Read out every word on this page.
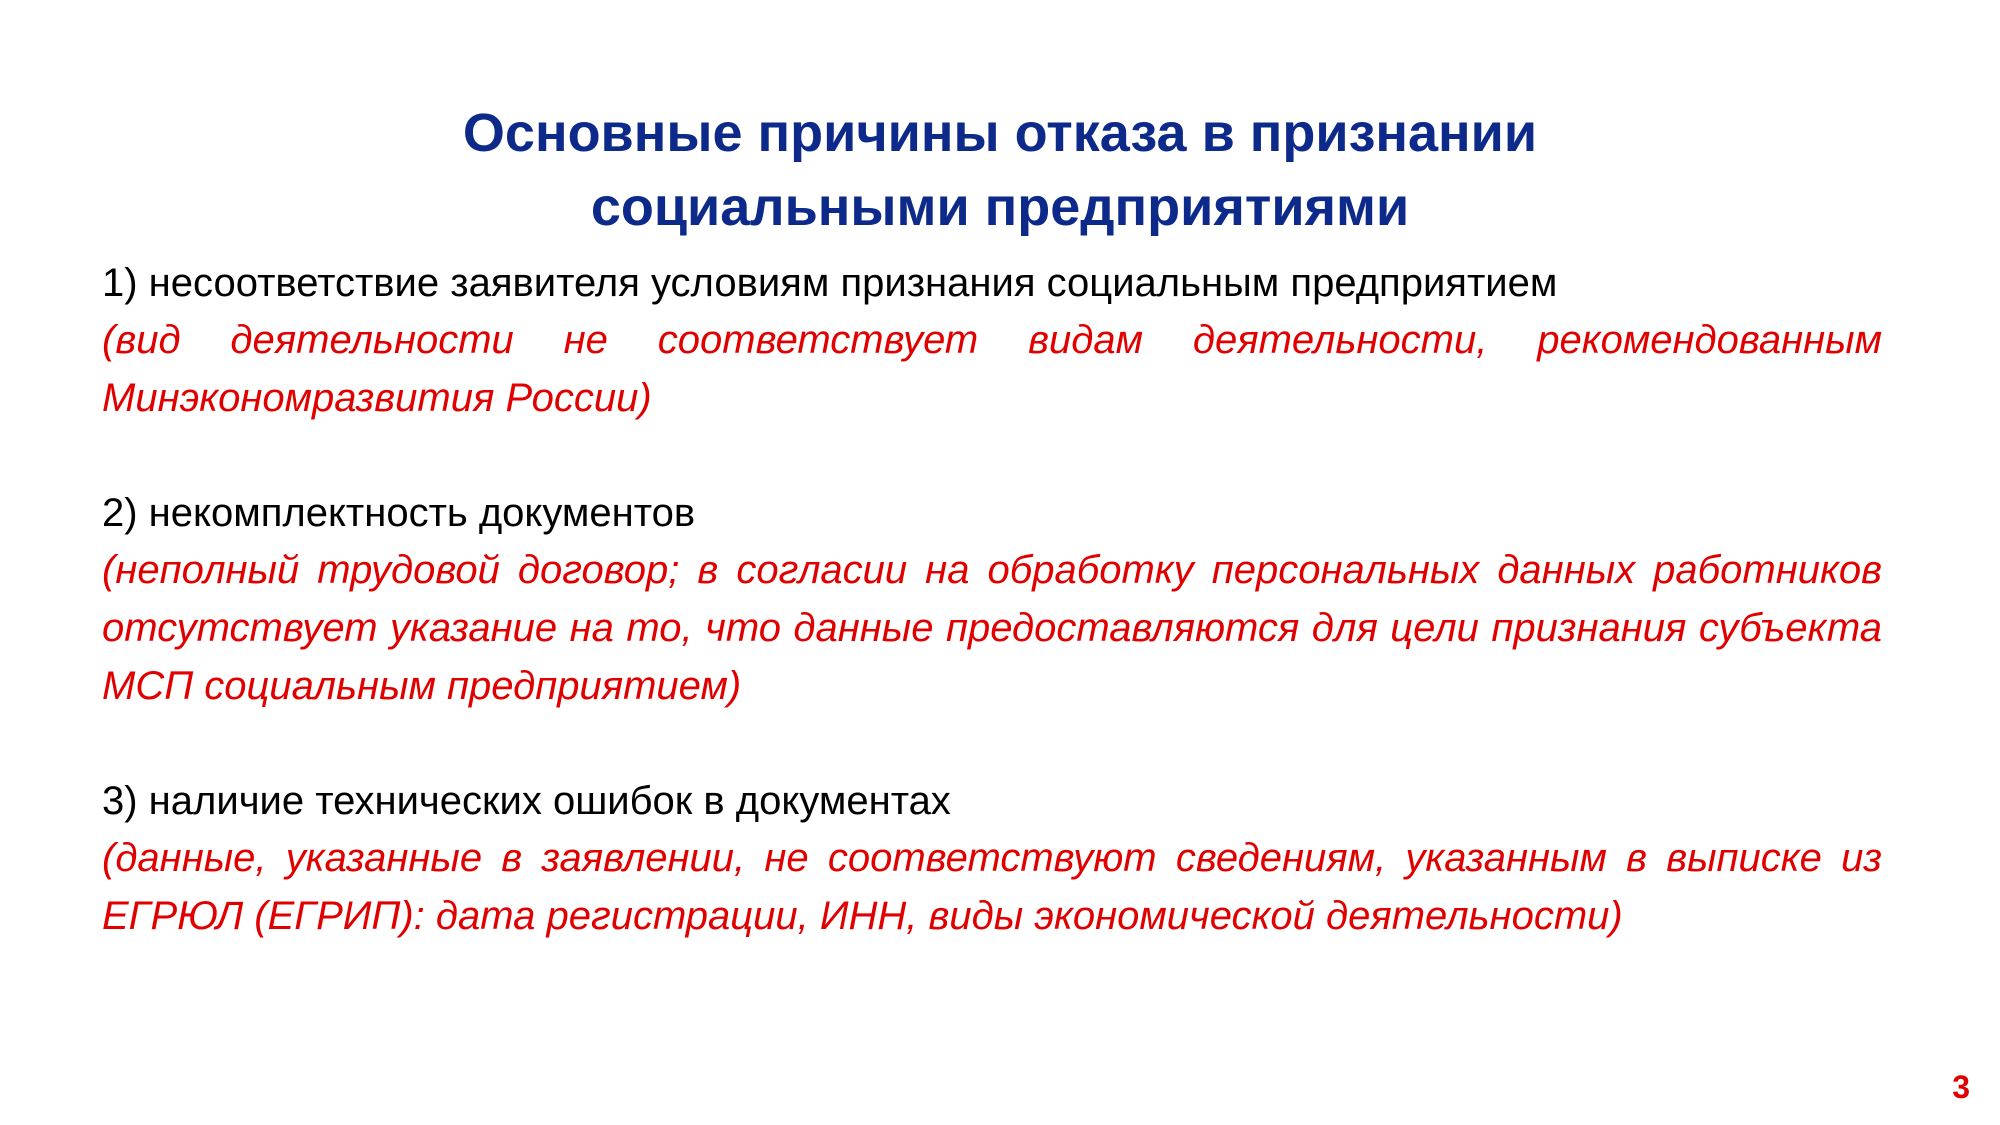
Основные причины отказа в признании
социальными предприятиями

1) несоответствие заявителя условиям признания социальным предприятием

(вид деятельности не соответствует видам деятельности, рекомендованным Минэкономразвития России)

2) некомплектность документов

(неполный трудовой договор; в согласии на обработку персональных данных работников отсутствует указание на то, что данные предоставляются для цели признания субъекта МСП социальным предприятием)

3) наличие технических ошибок в документах

(данные, указанные в заявлении, не соответствуют сведениям, указанным в выписке из ЕГРЮЛ (ЕГРИП): дата регистрации, ИНН, виды экономической деятельности)

3
